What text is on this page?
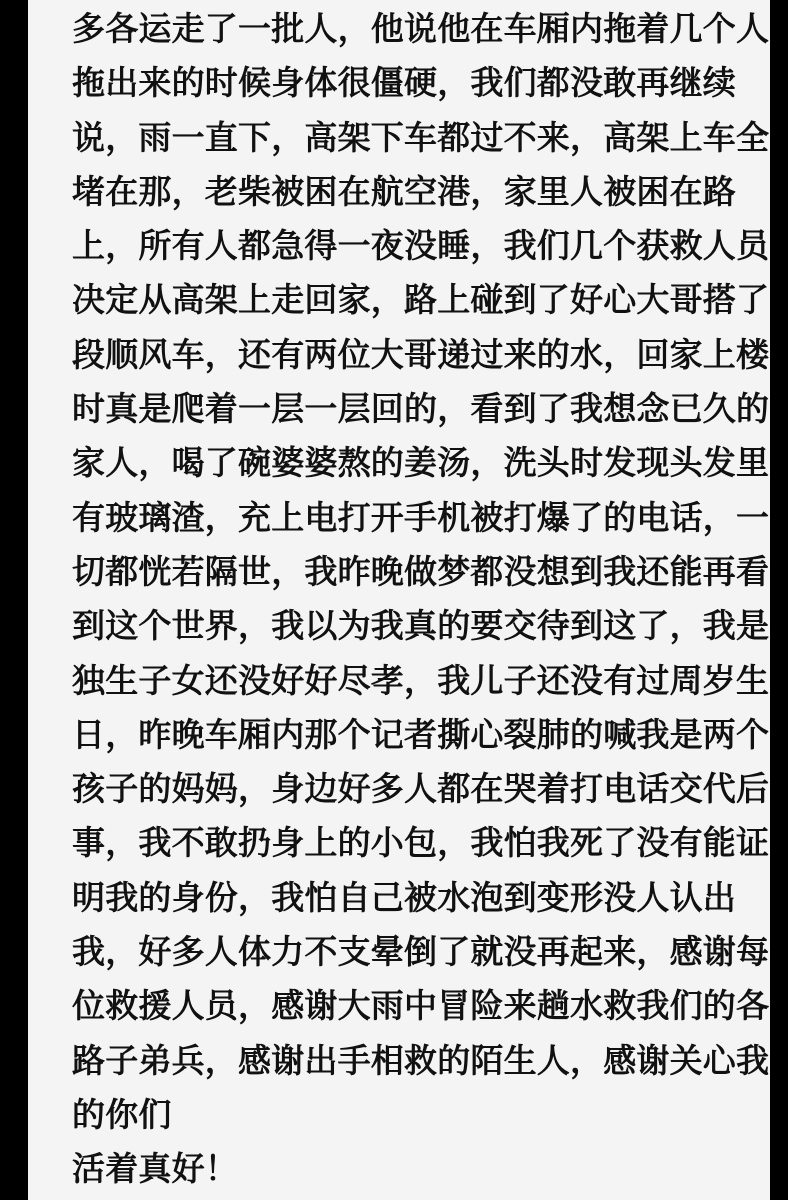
多各运走了一批人，他说他在车厢内拖着几个人
拖出来的时候身体很僵硬，我们都没敢再继续
说，雨一直下，高架下车都过不来，高架上车全
堵在那，老柴被困在航空港，家里人被困在路
上，所有人都急得一夜没睡，我们几个获救人员
决定从高架上走回家，路上碰到了好心大哥搭了
段顺风车，还有两位大哥递过来的水，回家上楼
时真是爬着一层一层回的，看到了我想念已久的
家人，喝了碗婆婆熬的姜汤，洗头时发现头发里
有玻璃渣，充上电打开手机被打爆了的电话，一
切都恍若隔世，我昨晚做梦都没想到我还能再看
到这个世界，我以为我真的要交待到这了，我是
独生子女还没好好尽孝，我儿子还没有过周岁生
日，昨晚车厢内那个记者撕心裂肺的喊我是两个
孩子的妈妈，身边好多人都在哭着打电话交代后
事，我不敢扔身上的小包，我怕我死了没有能证
明我的身份，我怕自己被水泡到变形没人认出
我，好多人体力不支晕倒了就没再起来，感谢每
位救援人员，感谢大雨中冒险来趟水救我们的各
路子弟兵，感谢出手相救的陌生人，感谢关心我
的你们
活着真好！
